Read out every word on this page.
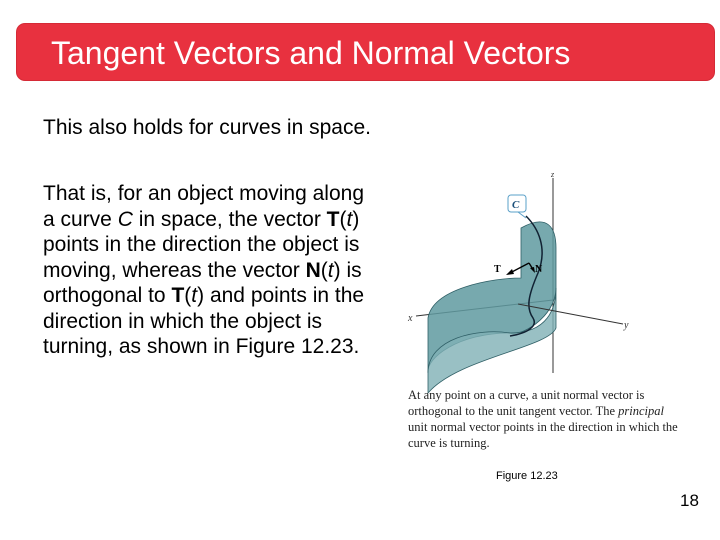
Tangent Vectors and Normal Vectors
This also holds for curves in space.
That is, for an object moving along a curve C in space, the vector T(t) points in the direction the object is moving, whereas the vector N(t) is orthogonal to T(t) and points in the direction in which the object is turning, as shown in Figure 12.23.
z
x
y
C
T	N
At any point on a curve, a unit normal vector is orthogonal to the unit tangent vector. The principal unit normal vector points in the direction in which the curve is turning.
Figure 12.23
18
